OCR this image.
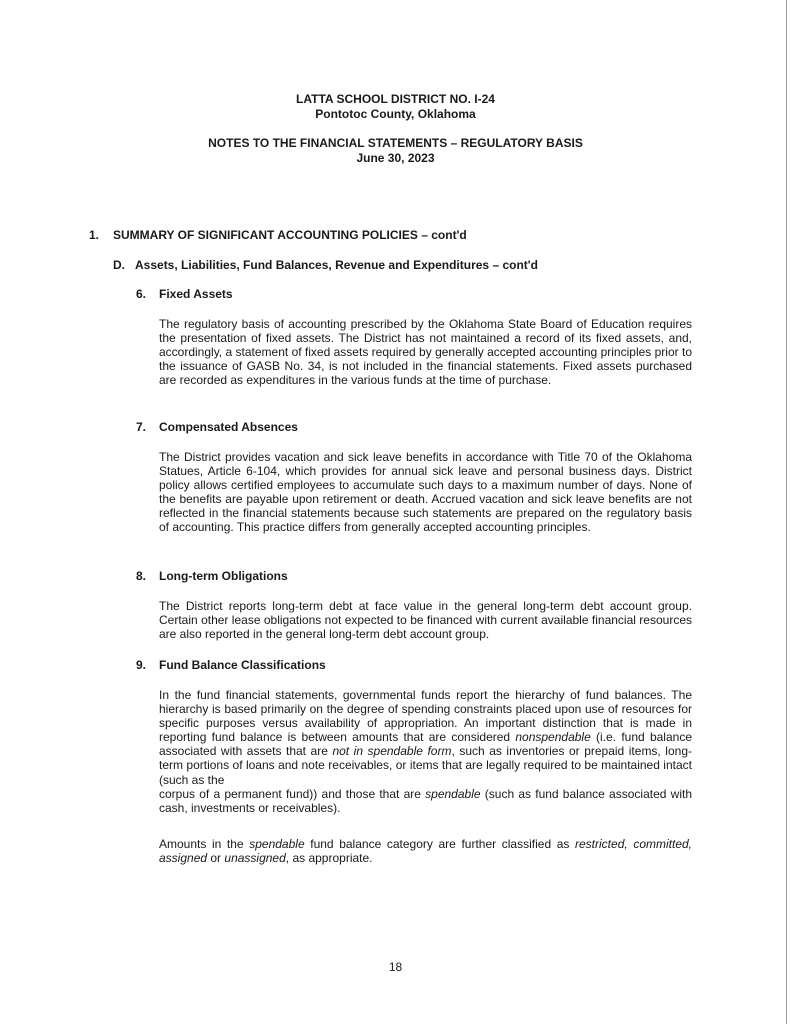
LATTA SCHOOL DISTRICT NO. I-24
Pontotoc County, Oklahoma
NOTES TO THE FINANCIAL STATEMENTS – REGULATORY BASIS
June 30, 2023
1. SUMMARY OF SIGNIFICANT ACCOUNTING POLICIES – cont'd
D. Assets, Liabilities, Fund Balances, Revenue and Expenditures – cont'd
6. Fixed Assets

The regulatory basis of accounting prescribed by the Oklahoma State Board of Education requires the presentation of fixed assets. The District has not maintained a record of its fixed assets, and, accordingly, a statement of fixed assets required by generally accepted accounting principles prior to the issuance of GASB No. 34, is not included in the financial statements. Fixed assets purchased are recorded as expenditures in the various funds at the time of purchase.

7. Compensated Absences

The District provides vacation and sick leave benefits in accordance with Title 70 of the Oklahoma Statues, Article 6-104, which provides for annual sick leave and personal business days. District policy allows certified employees to accumulate such days to a maximum number of days. None of the benefits are payable upon retirement or death. Accrued vacation and sick leave benefits are not reflected in the financial statements because such statements are prepared on the regulatory basis of accounting. This practice differs from generally accepted accounting principles.

8. Long-term Obligations

The District reports long-term debt at face value in the general long-term debt account group. Certain other lease obligations not expected to be financed with current available financial resources are also reported in the general long-term debt account group.

9. Fund Balance Classifications

In the fund financial statements, governmental funds report the hierarchy of fund balances. The hierarchy is based primarily on the degree of spending constraints placed upon use of resources for specific purposes versus availability of appropriation. An important distinction that is made in reporting fund balance is between amounts that are considered nonspendable (i.e. fund balance associated with assets that are not in spendable form, such as inventories or prepaid items, long-term portions of loans and note receivables, or items that are legally required to be maintained intact (such as the
corpus of a permanent fund)) and those that are spendable (such as fund balance associated with cash, investments or receivables).

Amounts in the spendable fund balance category are further classified as restricted, committed, assigned or unassigned, as appropriate.

18
